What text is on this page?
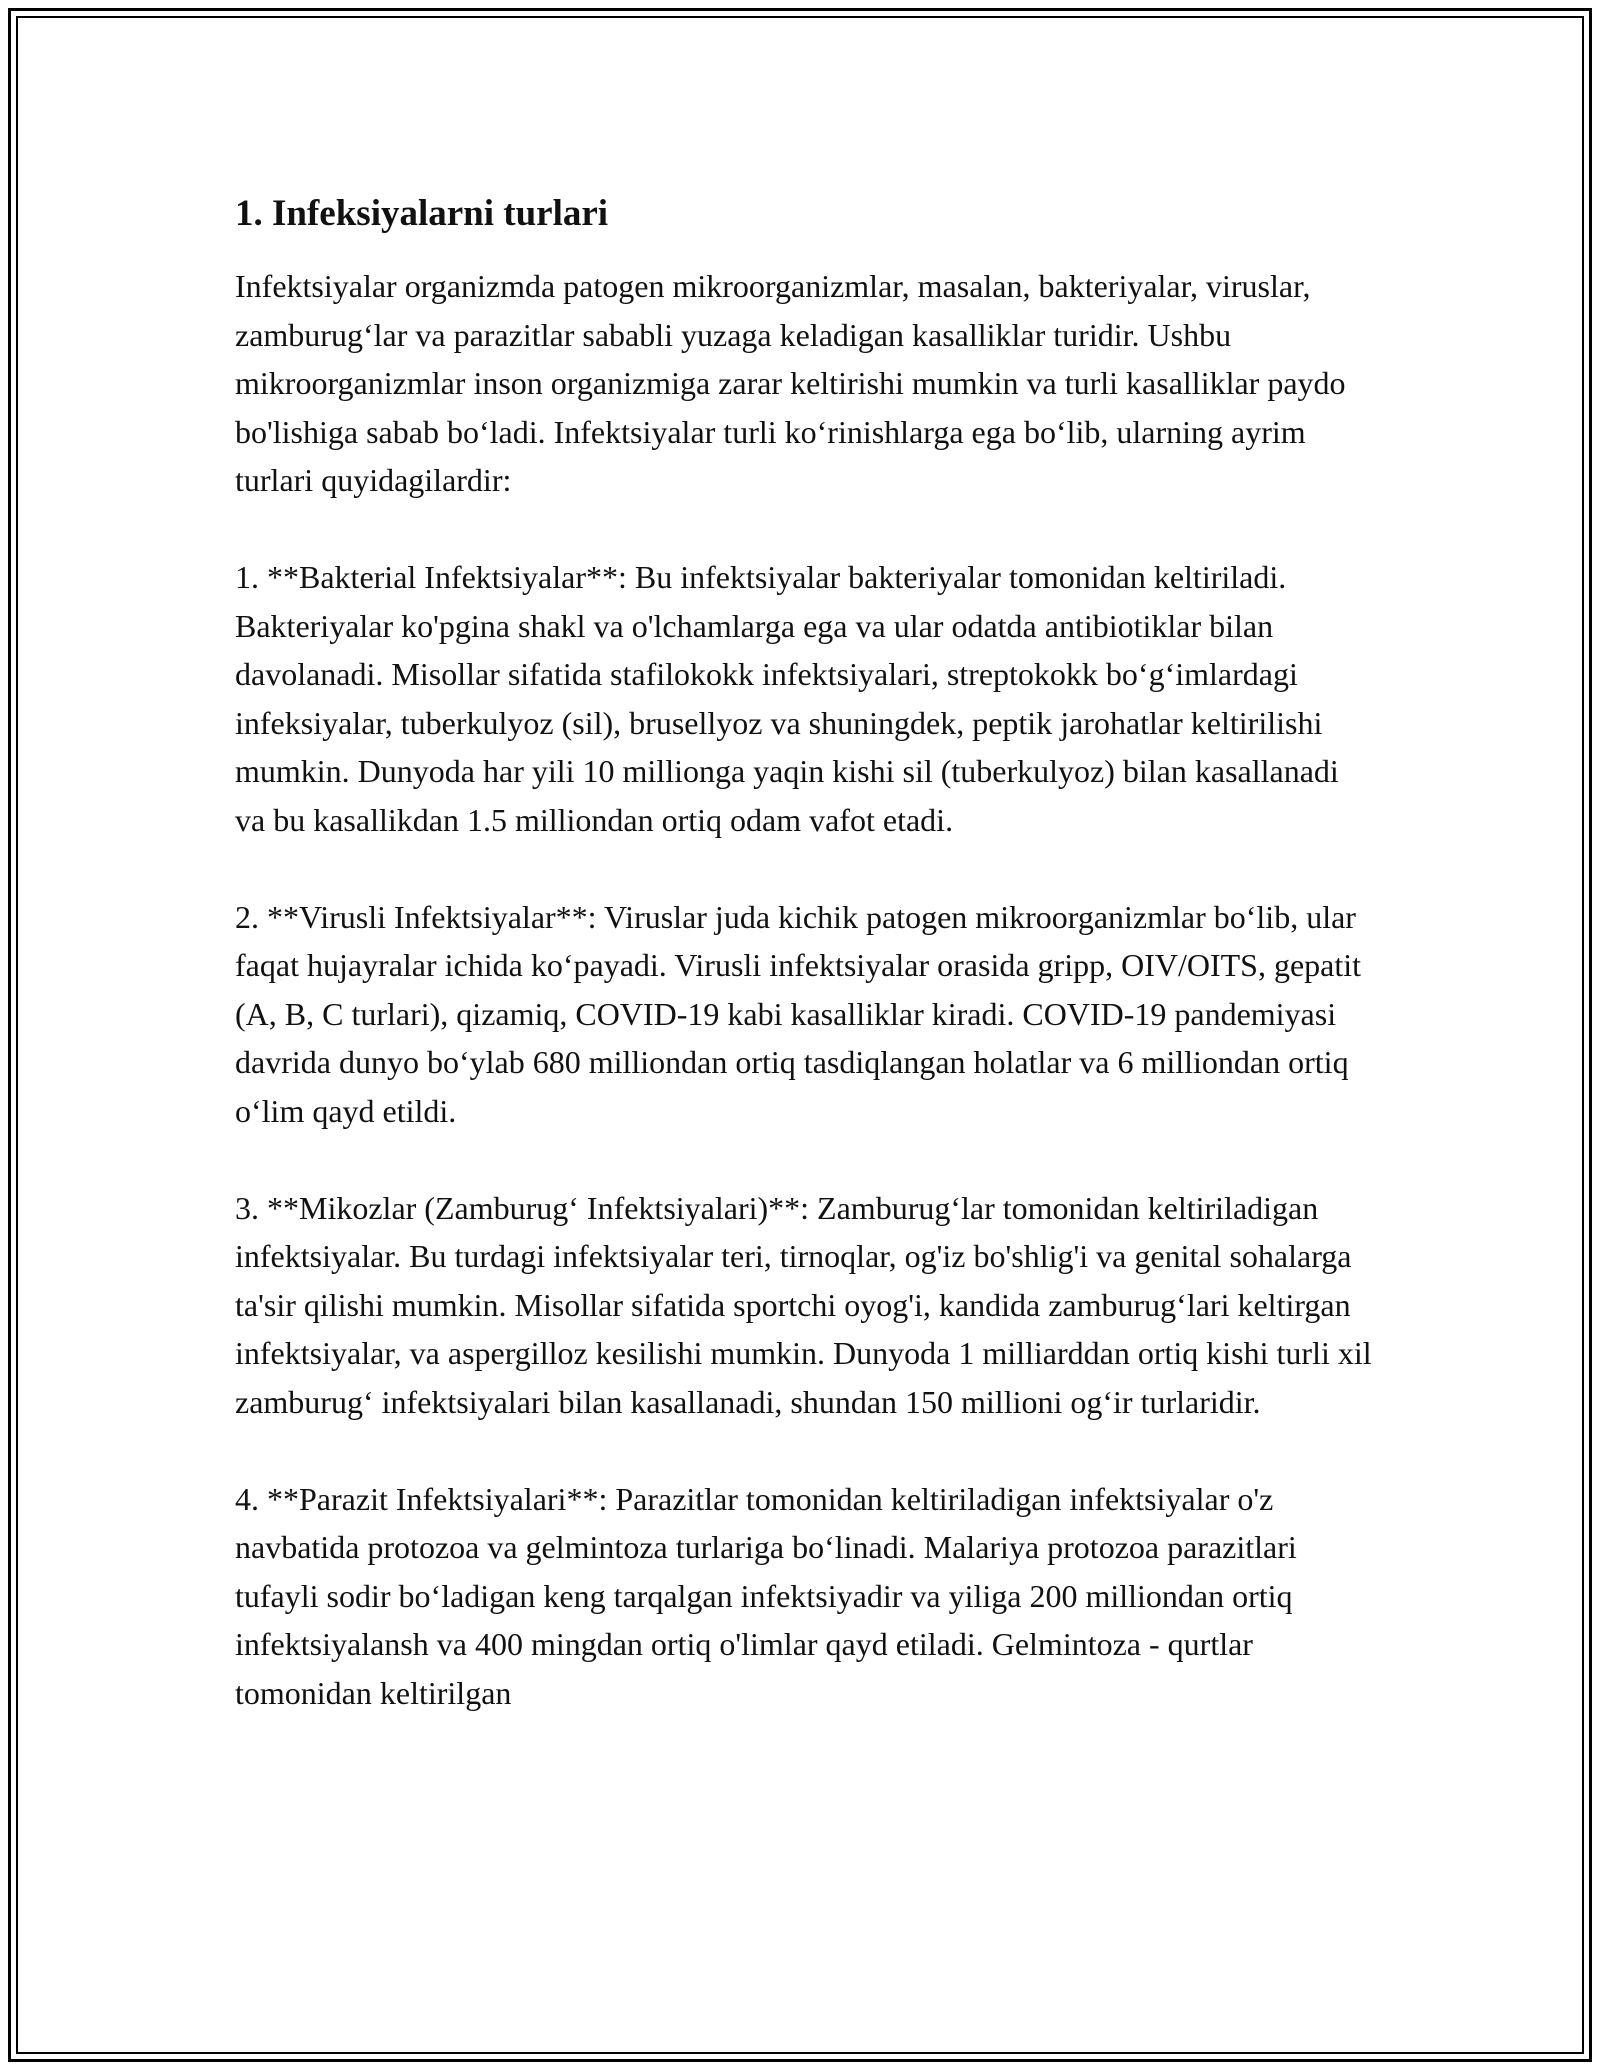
1. Infeksiyalarni turlari

Infektsiyalar organizmda patogen mikroorganizmlar, masalan, bakteriyalar, viruslar, zamburug‘lar va parazitlar sababli yuzaga keladigan kasalliklar turidir. Ushbu mikroorganizmlar inson organizmiga zarar keltirishi mumkin va turli kasalliklar paydo bo'lishiga sabab bo‘ladi. Infektsiyalar turli ko‘rinishlarga ega bo‘lib, ularning ayrim turlari quyidagilardir:

1. **Bakterial Infektsiyalar**: Bu infektsiyalar bakteriyalar tomonidan keltiriladi. Bakteriyalar ko'pgina shakl va o'lchamlarga ega va ular odatda antibiotiklar bilan davolanadi. Misollar sifatida stafilokokk infektsiyalari, streptokokk bo‘g‘imlardagi infeksiyalar, tuberkulyoz (sil), brusellyoz va shuningdek, peptik jarohatlar keltirilishi mumkin. Dunyoda har yili 10 millionga yaqin kishi sil (tuberkulyoz) bilan kasallanadi va bu kasallikdan 1.5 milliondan ortiq odam vafot etadi.

2. **Virusli Infektsiyalar**: Viruslar juda kichik patogen mikroorganizmlar bo‘lib, ular faqat hujayralar ichida ko‘payadi. Virusli infektsiyalar orasida gripp, OIV/OITS, gepatit (A, B, C turlari), qizamiq, COVID-19 kabi kasalliklar kiradi. COVID-19 pandemiyasi davrida dunyo bo‘ylab 680 milliondan ortiq tasdiqlangan holatlar va 6 milliondan ortiq o‘lim qayd etildi.

3. **Mikozlar (Zamburug‘ Infektsiyalari)**: Zamburug‘lar tomonidan keltiriladigan infektsiyalar. Bu turdagi infektsiyalar teri, tirnoqlar, og'iz bo'shlig'i va genital sohalarga ta'sir qilishi mumkin. Misollar sifatida sportchi oyog'i, kandida zamburug‘lari keltirgan infektsiyalar, va aspergilloz kesilishi mumkin. Dunyoda 1 milliarddan ortiq kishi turli xil zamburug‘ infektsiyalari bilan kasallanadi, shundan 150 millioni og‘ir turlaridir.

4. **Parazit Infektsiyalari**: Parazitlar tomonidan keltiriladigan infektsiyalar o'z navbatida protozoa va gelmintoza turlariga bo‘linadi. Malariya protozoa parazitlari tufayli sodir bo‘ladigan keng tarqalgan infektsiyadir va yiliga 200 milliondan ortiq infektsiyalansh va 400 mingdan ortiq o'limlar qayd etiladi. Gelmintoza - qurtlar tomonidan keltirilgan
